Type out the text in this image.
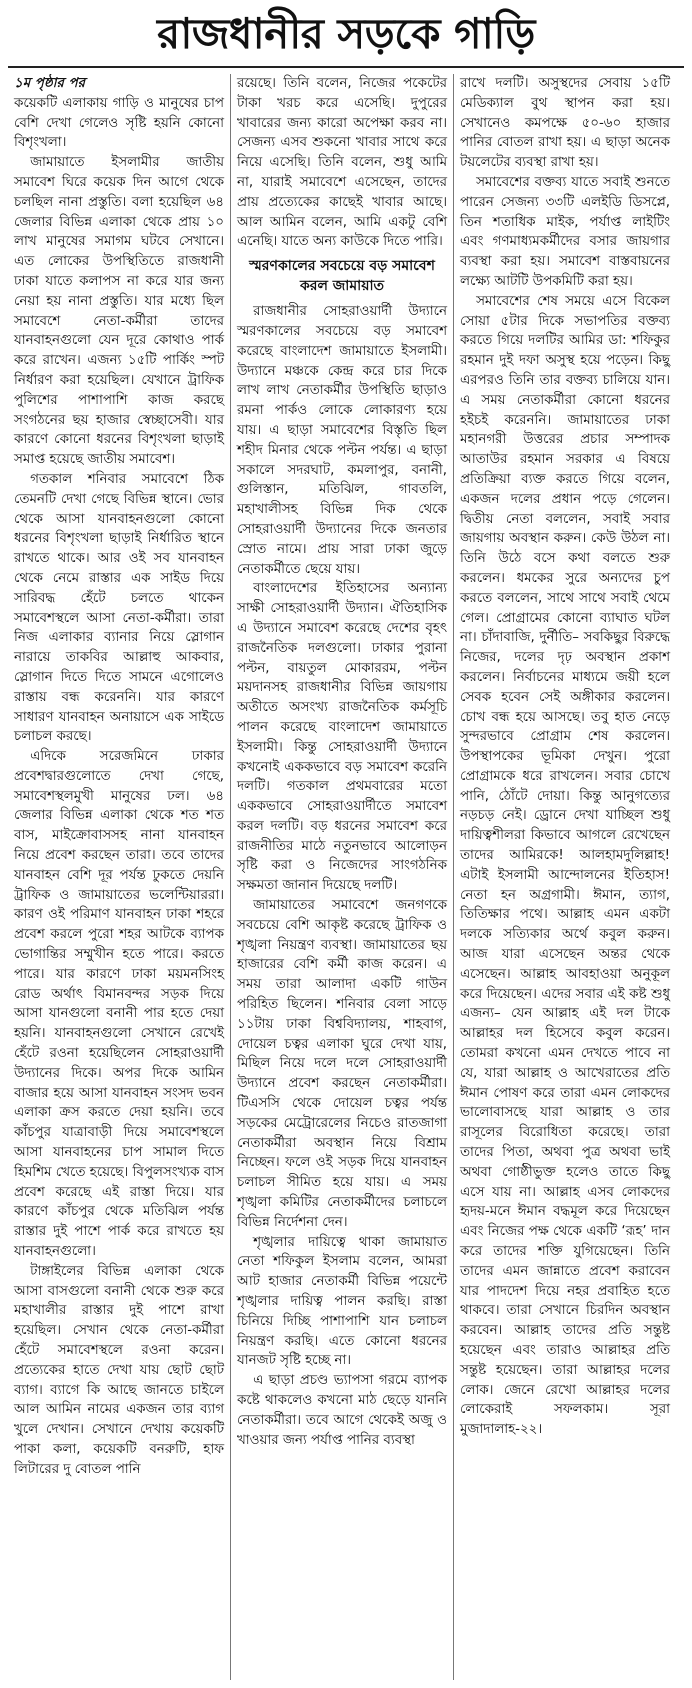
রাজধানীর সড়কে গাড়ি
১ম পৃষ্ঠার পর

কয়েকটি এলাকায় গাড়ি ও মানুষের চাপ বেশি দেখা গেলেও সৃষ্টি হয়নি কোনো বিশৃংখলা।

জামায়াতে ইসলামীর জাতীয় সমাবেশ ঘিরে কয়েক দিন আগে থেকে চলছিল নানা প্রস্তুতি। বলা হয়েছিল ৬৪ জেলার বিভিন্ন এলাকা থেকে প্রায় ১০ লাখ মানুষের সমাগম ঘটবে সেখানে। এত লোকের উপস্থিতিতে রাজধানী ঢাকা যাতে কলাপস না করে যার জন্য নেয়া হয় নানা প্রস্তুতি। যার মধ্যে ছিল সমাবেশে নেতা-কর্মীরা তাদের যানবাহনগুলো যেন দূরে কোথাও পার্ক করে রাখেন। এজন্য ১৫টি পার্কিং স্পট নির্ধারণ করা হয়েছিল। যেখানে ট্রাফিক পুলিশের পাশাপাশি কাজ করছে সংগঠনের ছয় হাজার স্বেচ্ছাসেবী। যার কারণে কোনো ধরনের বিশৃংখলা ছাড়াই সমাপ্ত হয়েছে জাতীয় সমাবেশ।

গতকাল শনিবার সমাবেশে ঠিক তেমনটি দেখা গেছে বিভিন্ন স্থানে। ভোর থেকে আসা যানবাহনগুলো কোনো ধরনের বিশৃংখলা ছাড়াই নির্ধারিত স্থানে রাখতে থাকে। আর ওই সব যানবাহন থেকে নেমে রাস্তার এক সাইড দিয়ে সারিবদ্ধ হেঁটে চলতে থাকেন সমাবেশস্থলে আসা নেতা-কর্মীরা। তারা নিজ এলাকার ব্যানার নিয়ে স্লোগান নারায়ে তাকবির আল্লাহু আকবার, স্লোগান দিতে দিতে সামনে এগোলেও রাস্তায় বন্ধ করেননি। যার কারণে সাধারণ যানবাহন অনায়াসে এক সাইডে চলাচল করছে।

এদিকে সরেজমিনে ঢাকার প্রবেশদ্বারগুলোতে দেখা গেছে, সমাবেশস্থলমুখী মানুষের ঢল। ৬৪ জেলার বিভিন্ন এলাকা থেকে শত শত বাস, মাইক্রোবাসসহ নানা যানবাহন নিয়ে প্রবেশ করছেন তারা। তবে তাদের যানবাহন বেশি দূর পর্যন্ত ঢুকতে দেয়নি ট্রাফিক ও জামায়াতের ভলেন্টিয়াররা। কারণ ওই পরিমাণ যানবাহন ঢাকা শহরে প্রবেশ করলে পুরো শহর আটকে ব্যাপক ভোগান্তির সম্মুখীন হতে পারে। করতে পারে। যার কারণে ঢাকা ময়মনসিংহ রোড অর্থাৎ বিমানবন্দর সড়ক দিয়ে আসা যানগুলো বনানী পার হতে দেয়া হয়নি। যানবাহনগুলো সেখানে রেখেই হেঁটে রওনা হয়েছিলেন সোহরাওয়ার্দী উদ্যানের দিকে। অপর দিকে আমিন বাজার হয়ে আসা যানবাহন সংসদ ভবন এলাকা ক্রস করতে দেয়া হয়নি। তবে কাঁচপুর যাত্রাবাড়ী দিয়ে সমাবেশস্থলে আসা যানবাহনের চাপ সামাল দিতে হিমশিম খেতে হয়েছে। বিপুলসংখ্যক বাস প্রবেশ করেছে এই রাস্তা দিয়ে। যার কারণে কাঁচপুর থেকে মতিঝিল পর্যন্ত রাস্তার দুই পাশে পার্ক করে রাখতে হয় যানবাহনগুলো।

টাঙ্গাইলের বিভিন্ন এলাকা থেকে আসা বাসগুলো বনানী থেকে শুরু করে মহাখালীর রাস্তার দুই পাশে রাখা হয়েছিল। সেখান থেকে নেতা-কর্মীরা হেঁটে সমাবেশস্থলে রওনা করেন। প্রত্যেকের হাতে দেখা যায় ছোট ছোট ব্যাগ। ব্যাগে কি আছে জানতে চাইলে আল আমিন নামের একজন তার ব্যাগ খুলে দেখান। সেখানে দেখায় কয়েকটি পাকা কলা, কয়েকটি বনরুটি, হাফ লিটারের দু বোতল পানি

রয়েছে। তিনি বলেন, নিজের পকেটের টাকা খরচ করে এসেছি। দুপুরের খাবারের জন্য কারো অপেক্ষা করব না। সেজন্য এসব শুকনো খাবার সাথে করে নিয়ে এসেছি। তিনি বলেন, শুধু আমি না, যারাই সমাবেশে এসেছেন, তাদের প্রায় প্রত্যেকের কাছেই খাবার আছে। আল আমিন বলেন, আমি একটু বেশি এনেছি। যাতে অন্য কাউকে দিতে পারি।

স্মরণকালের সবচেয়ে বড় সমাবেশ করল জামায়াত

রাজধানীর সোহরাওয়ার্দী উদ্যানে স্মরণকালের সবচেয়ে বড় সমাবেশ করেছে বাংলাদেশ জামায়াতে ইসলামী। উদ্যানে মঞ্চকে কেন্দ্র করে চার দিকে লাখ লাখ নেতাকর্মীর উপস্থিতি ছাড়াও রমনা পার্কও লোকে লোকারণ্য হয়ে যায়। এ ছাড়া সমাবেশের বিস্তৃতি ছিল শহীদ মিনার থেকে পল্টন পর্যন্ত। এ ছাড়া সকালে সদরঘাট, কমলাপুর, বনানী, গুলিস্তান, মতিঝিল, গাবতলি, মহাখালীসহ বিভিন্ন দিক থেকে সোহরাওয়ার্দী উদ্যানের দিকে জনতার স্রোত নামে। প্রায় সারা ঢাকা জুড়ে নেতাকর্মীতে ছেয়ে যায়।

বাংলাদেশের ইতিহাসের অন্যান্য সাক্ষী সোহরাওয়ার্দী উদ্যান। ঐতিহাসিক এ উদ্যানে সমাবেশ করেছে দেশের বৃহৎ রাজনৈতিক দলগুলো। ঢাকার পুরানা পল্টন, বায়তুল মোকাররম, পল্টন ময়দানসহ রাজধানীর বিভিন্ন জায়গায় অতীতে অসংখ্য রাজনৈতিক কর্মসূচি পালন করেছে বাংলাদেশ জামায়াতে ইসলামী। কিন্তু সোহরাওয়ার্দী উদ্যানে কখনোই এককভাবে বড় সমাবেশ করেনি দলটি। গতকাল প্রথমবারের মতো এককভাবে সোহরাওয়ার্দীতে সমাবেশ করল দলটি। বড় ধরনের সমাবেশ করে রাজনীতির মাঠে নতুনভাবে আলোড়ন সৃষ্টি করা ও নিজেদের সাংগঠনিক সক্ষমতা জানান দিয়েছে দলটি।

জামায়াতের সমাবেশে জনগণকে সবচেয়ে বেশি আকৃষ্ট করেছে ট্রাফিক ও শৃঙ্খলা নিয়ন্ত্রণ ব্যবস্থা। জামায়াতের ছয় হাজারের বেশি কর্মী কাজ করেন। এ সময় তারা আলাদা একটি গাউন পরিহিত ছিলেন। শনিবার বেলা সাড়ে ১১টায় ঢাকা বিশ্ববিদ্যালয়, শাহবাগ, দোয়েল চত্বর এলাকা ঘুরে দেখা যায়, মিছিল নিয়ে দলে দলে সোহরাওয়ার্দী উদ্যানে প্রবেশ করছেন নেতাকর্মীরা। টিএসসি থেকে দোয়েল চত্বর পর্যন্ত সড়কের মেট্রোরেলের নিচেও রাতজাগা নেতাকর্মীরা অবস্থান নিয়ে বিশ্রাম নিচ্ছেন। ফলে ওই সড়ক দিয়ে যানবাহন চলাচল সীমিত হয়ে যায়। এ সময় শৃঙ্খলা কমিটির নেতাকর্মীদের চলাচলে বিভিন্ন নির্দেশনা দেন।

শৃঙ্খলার দায়িত্বে থাকা জামায়াত নেতা শফিকুল ইসলাম বলেন, আমরা আট হাজার নেতাকর্মী বিভিন্ন পয়েন্টে শৃঙ্খলার দায়িত্ব পালন করছি। রাস্তা চিনিয়ে দিচ্ছি পাশাপাশি যান চলাচল নিয়ন্ত্রণ করছি। এতে কোনো ধরনের যানজট সৃষ্টি হচ্ছে না।

এ ছাড়া প্রচণ্ড ভ্যাপসা গরমে ব্যাপক কষ্টে থাকলেও কখনো মাঠ ছেড়ে যাননি নেতাকর্মীরা। তবে আগে থেকেই অজু ও খাওয়ার জন্য পর্যাপ্ত পানির ব্যবস্থা

রাখে দলটি। অসুস্থদের সেবায় ১৫টি মেডিক্যাল বুথ স্থাপন করা হয়। সেখানেও কমপক্ষে ৫০-৬০ হাজার পানির বোতল রাখা হয়। এ ছাড়া অনেক টয়লেটের ব্যবস্থা রাখা হয়।

সমাবেশের বক্তব্য যাতে সবাই শুনতে পারেন সেজন্য ৩৩টি এলইডি ডিসপ্লে, তিন শতাধিক মাইক, পর্যাপ্ত লাইটিং এবং গণমাধ্যমকর্মীদের বসার জায়গার ব্যবস্থা করা হয়। সমাবেশ বাস্তবায়নের লক্ষ্যে আটটি উপকমিটি করা হয়।

সমাবেশের শেষ সময়ে এসে বিকেল সোয়া ৫টার দিকে সভাপতির বক্তব্য করতে গিয়ে দলটির আমির ডা: শফিকুর রহমান দুই দফা অসুস্থ হয়ে পড়েন। কিছু এরপরও তিনি তার বক্তব্য চালিয়ে যান। এ সময় নেতাকর্মীরা কোনো ধরনের হইচই করেননি। জামায়াতের ঢাকা মহানগরী উত্তরের প্রচার সম্পাদক আতাউর রহমান সরকার এ বিষয়ে প্রতিক্রিয়া ব্যক্ত করতে গিয়ে বলেন, একজন দলের প্রধান পড়ে গেলেন। দ্বিতীয় নেতা বললেন, সবাই সবার জায়গায় অবস্থান করুন। কেউ উঠল না। তিনি উঠে বসে কথা বলতে শুরু করলেন। ধমকের সুরে অন্যদের চুপ করতে বললেন, সাথে সাথে সবাই থেমে গেল। প্রোগ্রামের কোনো ব্যাঘাত ঘটল না। চাঁদাবাজি, দুর্নীতি– সবকিছুর বিরুদ্ধে নিজের, দলের দৃঢ় অবস্থান প্রকাশ করলেন। নির্বাচনের মাধ্যমে জয়ী হলে সেবক হবেন সেই অঙ্গীকার করলেন। চোখ বন্ধ হয়ে আসছে। তবু হাত নেড়ে সুন্দরভাবে প্রোগ্রাম শেষ করলেন। উপস্থাপকের ভূমিকা দেখুন। পুরো প্রোগ্রামকে ধরে রাখলেন। সবার চোখে পানি, ঠোঁটে দোয়া। কিন্তু আনুগত্যের নড়চড় নেই। ড্রোনে দেখা যাচ্ছিল শুধু দায়িত্বশীলরা কিভাবে আগলে রেখেছেন তাদের আমিরকে! আলহামদুলিল্লাহ! এটাই ইসলামী আন্দোলনের ইতিহাস! নেতা হন অগ্রগামী। ঈমান, ত্যাগ, তিতিক্ষার পথে। আল্লাহ এমন একটা দলকে সত্যিকার অর্থে কবুল করুন। আজ যারা এসেছেন অন্তর থেকে এসেছেন। আল্লাহ আবহাওয়া অনুকূল করে দিয়েছেন। এদের সবার এই কষ্ট শুধু এজন্য– যেন আল্লাহ এই দল টাকে আল্লাহর দল হিসেবে কবুল করেন। তোমরা কখনো এমন দেখতে পাবে না যে, যারা আল্লাহ ও আখেরাতের প্রতি ঈমান পোষণ করে তারা এমন লোকদের ভালোবাসছে যারা আল্লাহ ও তার রাসূলের বিরোধিতা করেছে। তারা তাদের পিতা, অথবা পুত্র অথবা ভাই অথবা গোষ্ঠীভুক্ত হলেও তাতে কিছু এসে যায় না। আল্লাহ এসব লোকদের হৃদয়-মনে ঈমান বদ্ধমূল করে দিয়েছেন এবং নিজের পক্ষ থেকে একটি ‘রূহ’ দান করে তাদের শক্তি যুগিয়েছেন। তিনি তাদের এমন জান্নাতে প্রবেশ করাবেন যার পাদদেশ দিয়ে নহর প্রবাহিত হতে থাকবে। তারা সেখানে চিরদিন অবস্থান করবেন। আল্লাহ তাদের প্রতি সন্তুষ্ট হয়েছেন এবং তারাও আল্লাহর প্রতি সন্তুষ্ট হয়েছেন। তারা আল্লাহর দলের লোক। জেনে রেখো আল্লাহর দলের লোকেরাই সফলকাম। সূরা মুজাদালাহ-২২।
